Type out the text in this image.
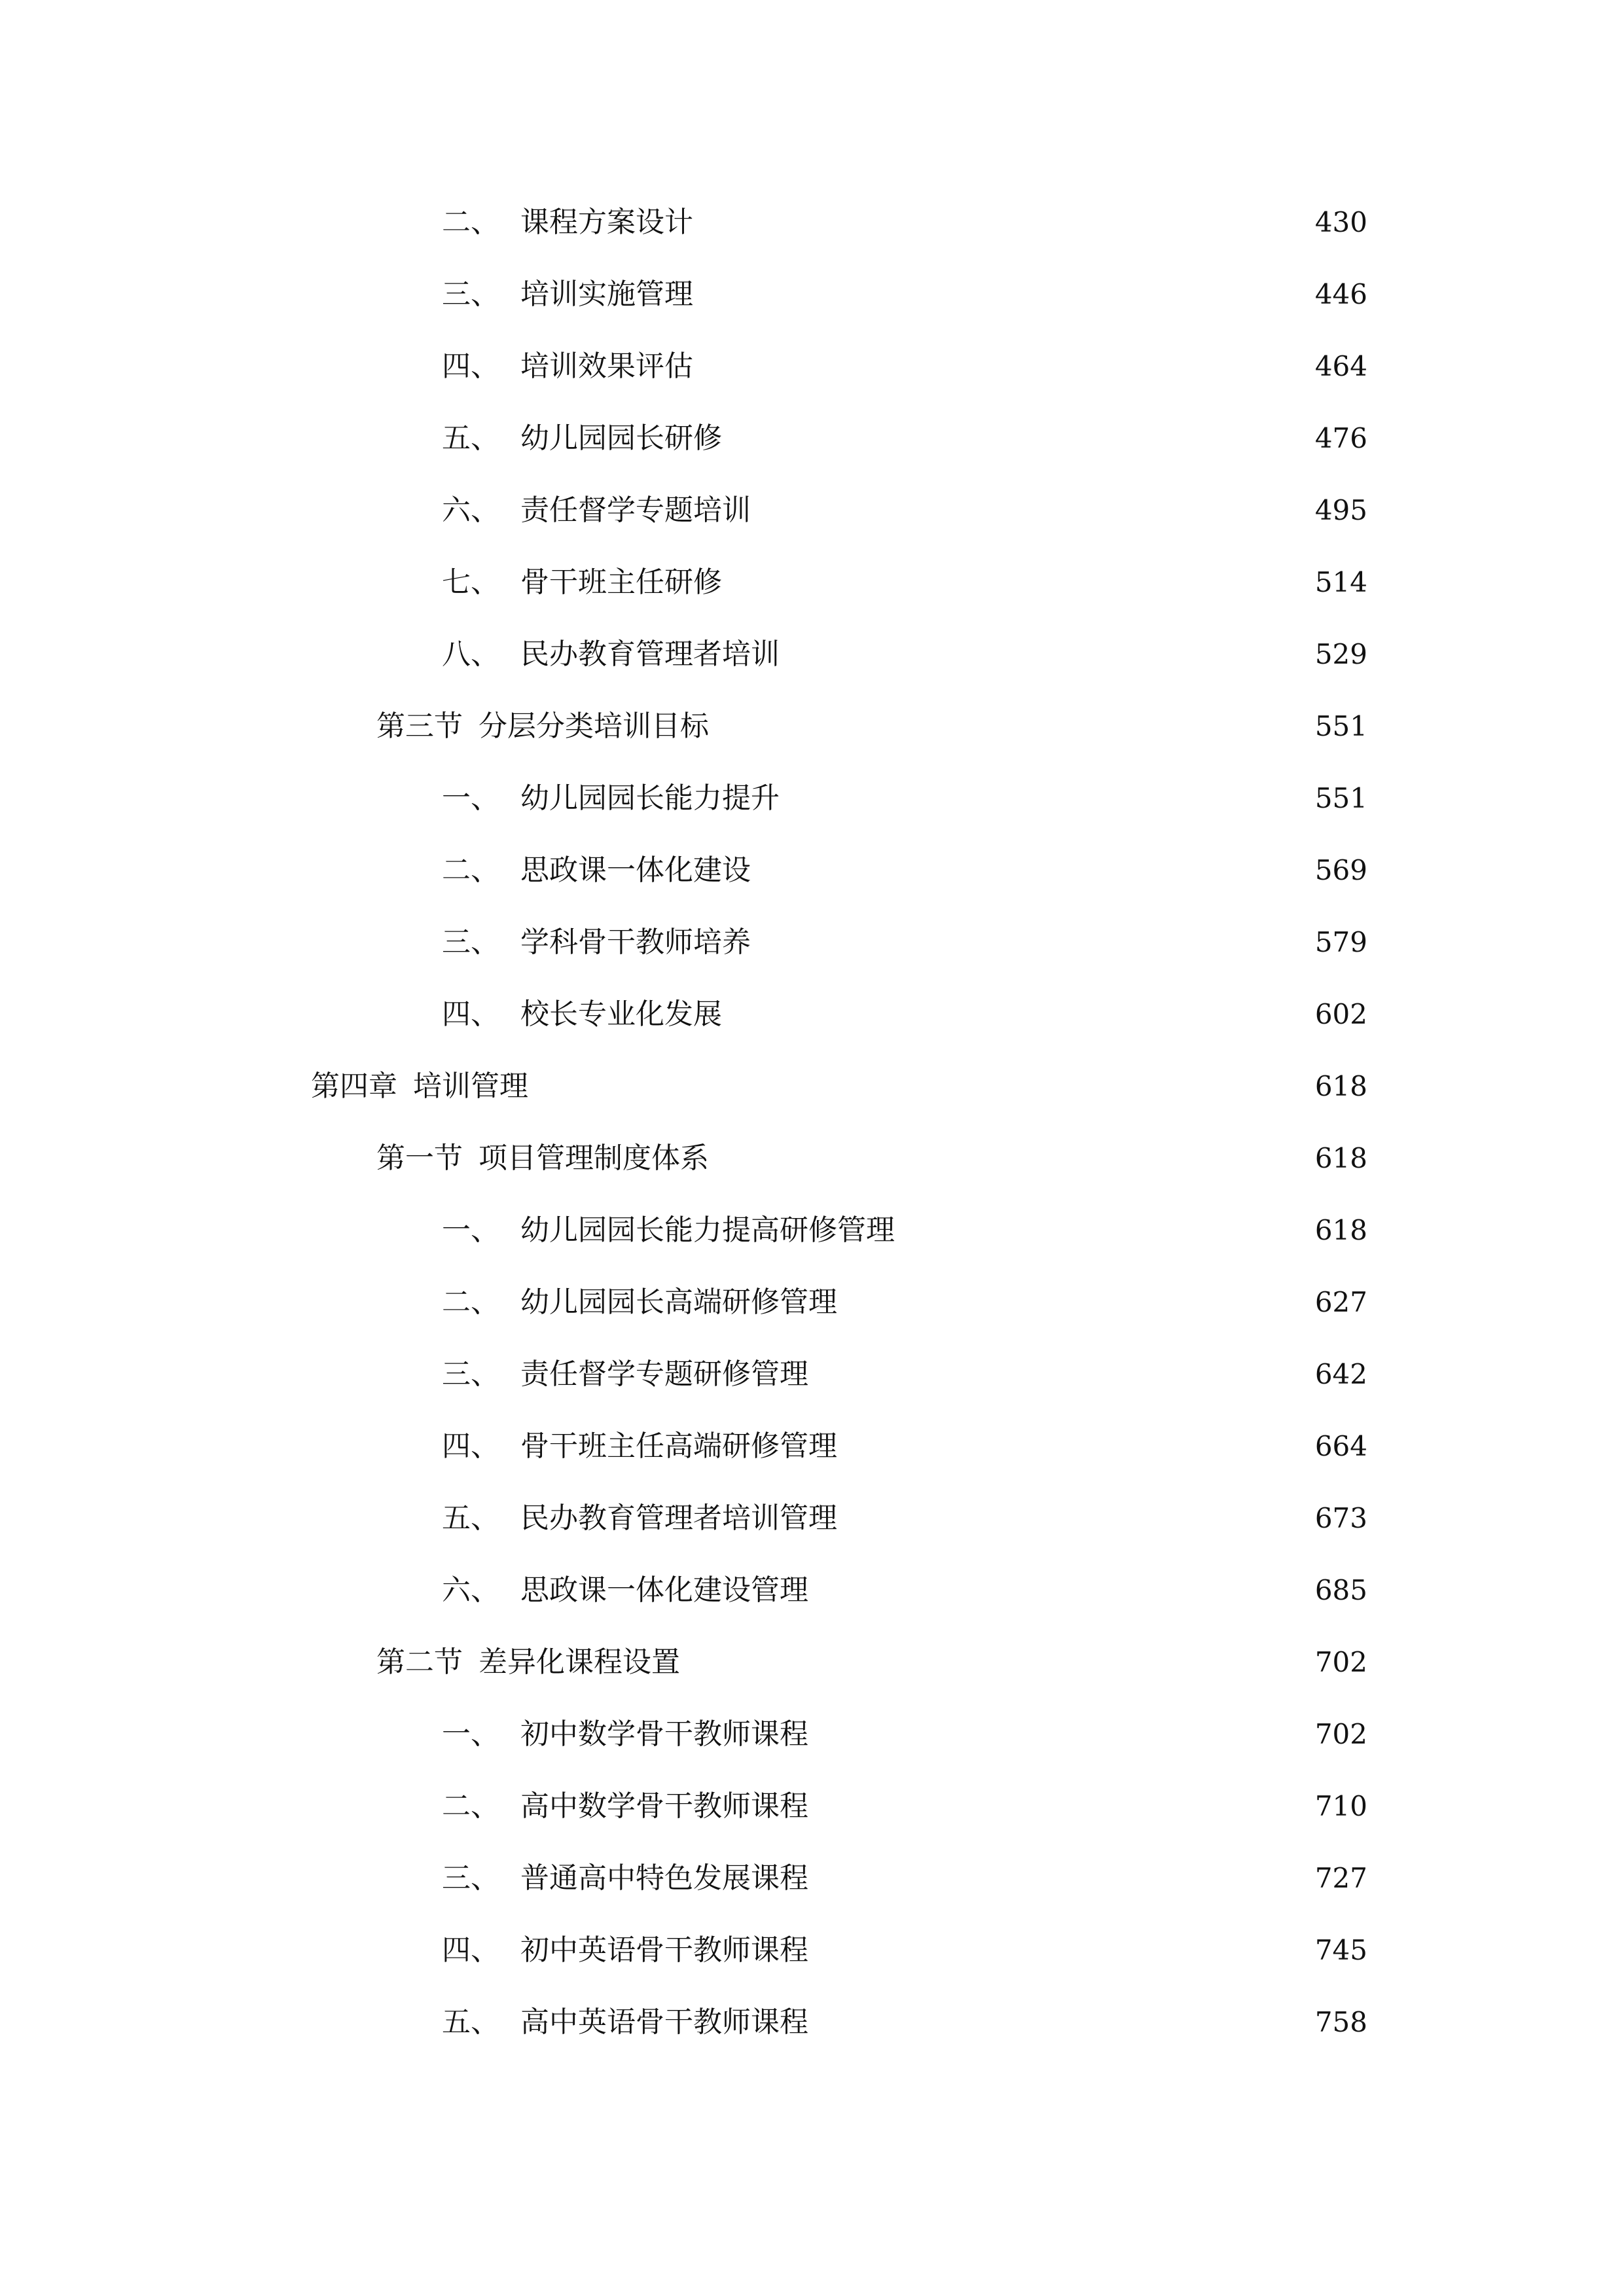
二、 课程方案设计	430
三、 培训实施管理	446
四、 培训效果评估	464
五、 幼儿园园长研修	476
六、 责任督学专题培训	495
七、 骨干班主任研修	514
八、 民办教育管理者培训	529
第三节 分层分类培训目标	551
一、 幼儿园园长能力提升	551
二、 思政课一体化建设	569
三、 学科骨干教师培养	579
四、 校长专业化发展	602
第四章 培训管理	618
第一节 项目管理制度体系	618
一、 幼儿园园长能力提高研修管理	618
二、 幼儿园园长高端研修管理	627
三、 责任督学专题研修管理	642
四、 骨干班主任高端研修管理	664
五、 民办教育管理者培训管理	673
六、 思政课一体化建设管理	685
第二节 差异化课程设置	702
一、 初中数学骨干教师课程	702
二、 高中数学骨干教师课程	710
三、 普通高中特色发展课程	727
四、 初中英语骨干教师课程	745
五、 高中英语骨干教师课程	758
